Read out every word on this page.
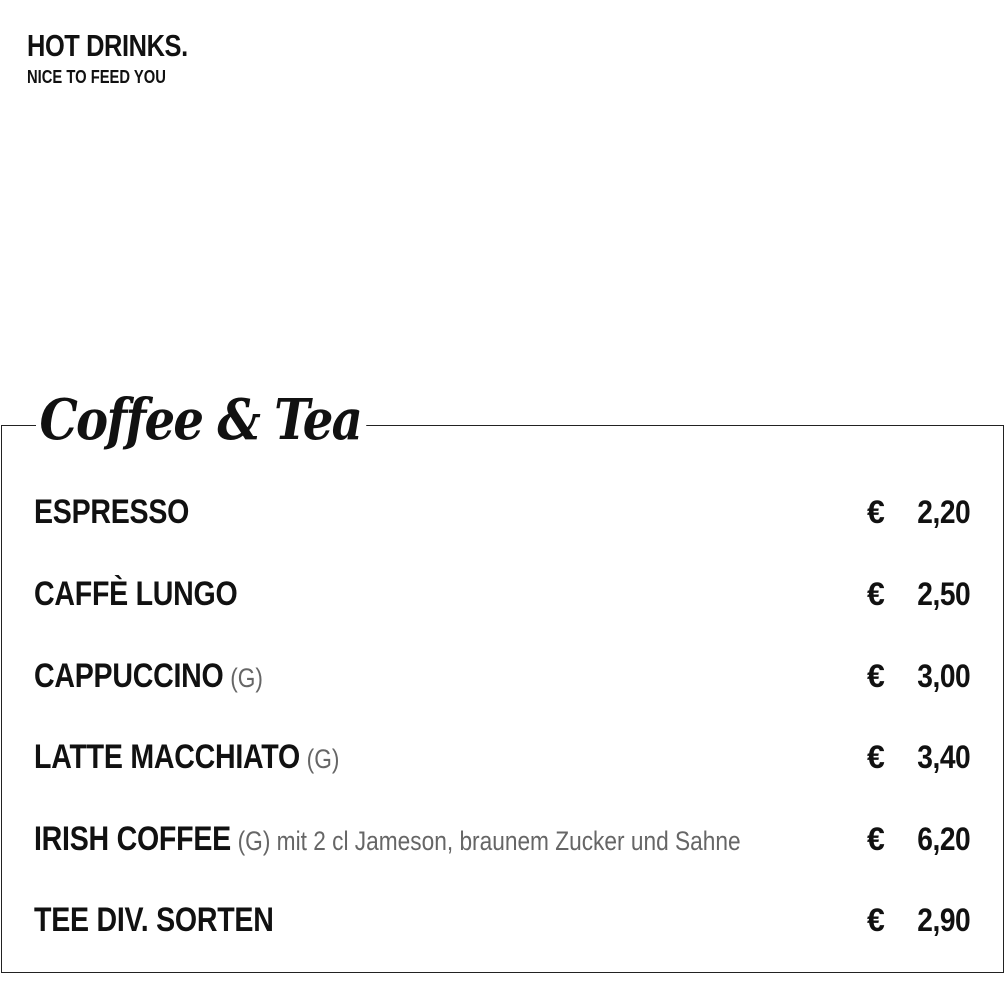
HOT DRINKS.
NICE TO FEED YOU
Coffee & Tea
ESPRESSO	€ 2,20
CAFFÈ LUNGO	€ 2,50
CAPPUCCINO (G)	€ 3,00
LATTE MACCHIATO (G)	€ 3,40
IRISH COFFEE (G) mit 2 cl Jameson, braunem Zucker und Sahne	€ 6,20
TEE DIV. SORTEN	€ 2,90
